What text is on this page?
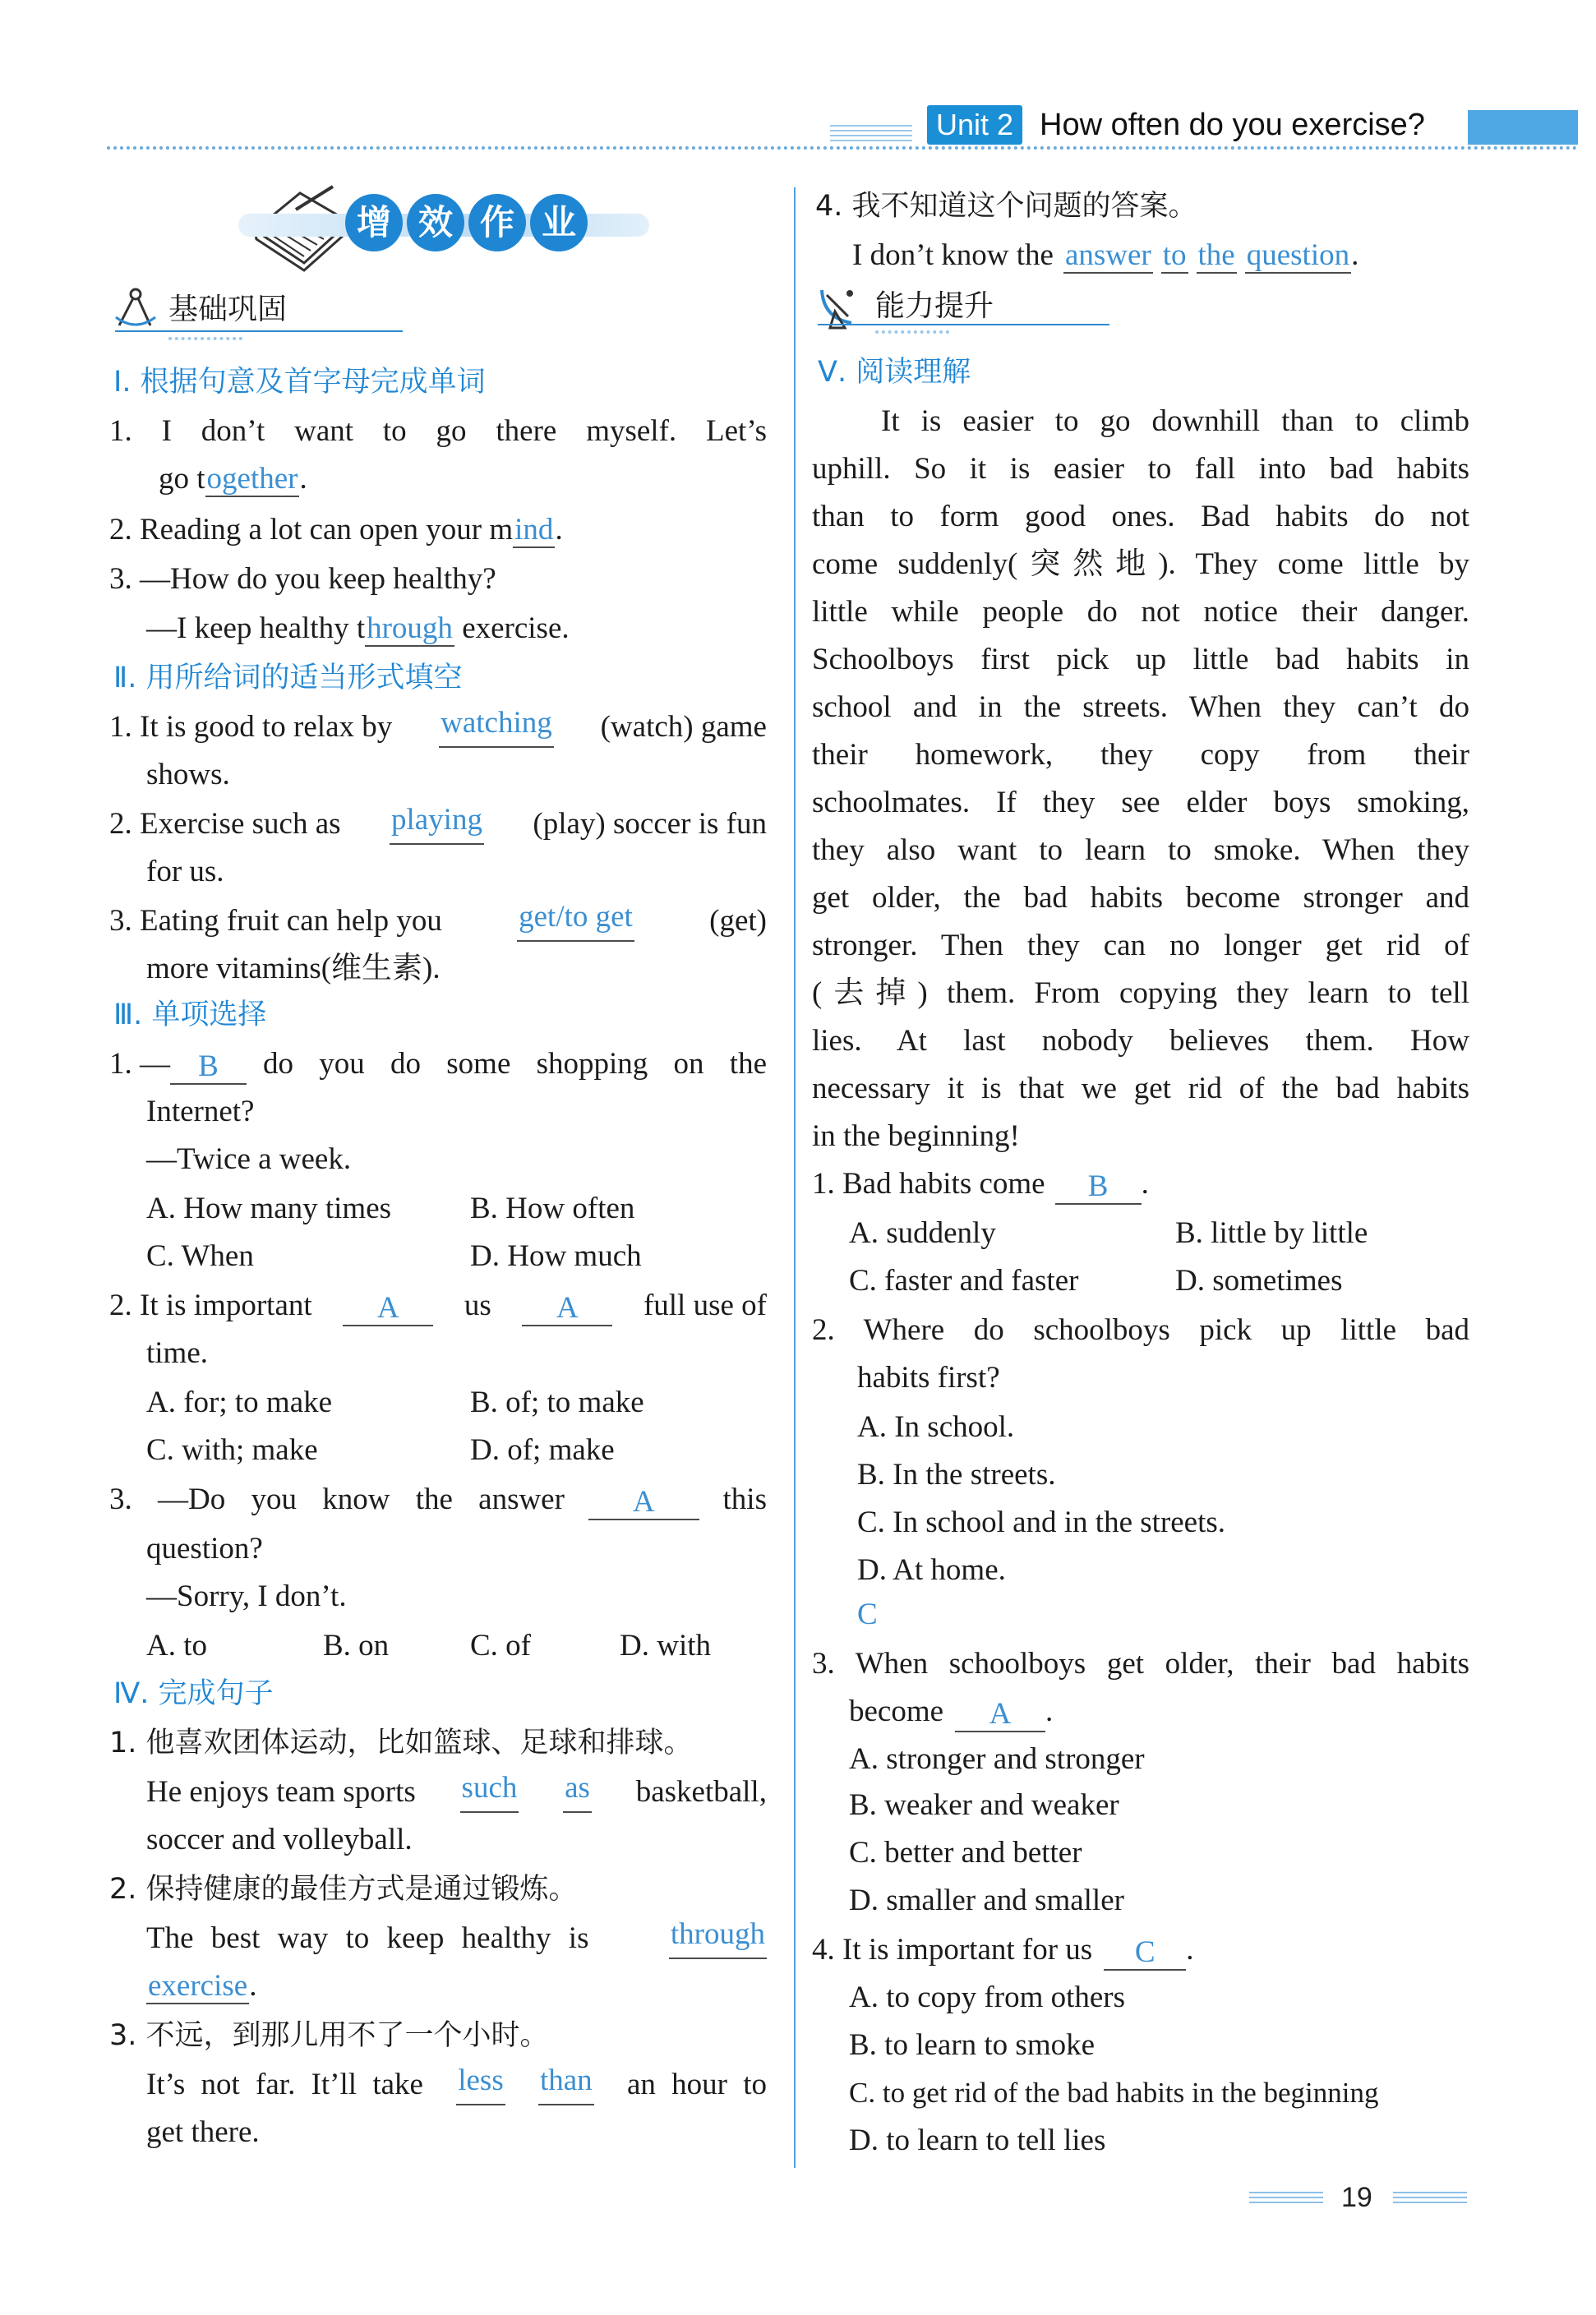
Unit 2 How often do you exercise?
增 效 作 业
基础巩固
Ⅰ. 根据句意及首字母完成单词
1. I don’t want to go there myself. Let’s
go together.
2. Reading a lot can open your mind.
3. —How do you keep healthy?
—I keep healthy through exercise.
Ⅱ. 用所给词的适当形式填空
1. It is good to relax by watching (watch) game
shows.
2. Exercise such as playing (play) soccer is fun
for us.
3. Eating fruit can help you	get/to get	(get)
more vitamins(维生素).
Ⅲ. 单项选择
1. — B	do you do some shopping on the
Internet?
—Twice a week.
A. How many times	B. How often
C. When	D. How much
2. It is important	A	us	A	full use of
time.
A. for; to make	B. of; to make
C. with; make	D. of; make
3. —Do you know the answer	A	this
question?
—Sorry, I don’t.
A. to	B. on	C. of	D. with
Ⅳ. 完成句子
1. 他喜欢团体运动，比如篮球、足球和排球。
He enjoys team sports such as basketball,
soccer and volleyball.
2. 保持健康的最佳方式是通过锻炼。
The best way to keep healthy is	through
exercise.
3. 不远，到那儿用不了一个小时。
It’s not far. It’ll take less than an hour to
get there.
4. 我不知道这个问题的答案。
I don’t know the answer to the question.
能力提升
Ⅴ. 阅读理解
It is easier to go downhill than to climb
uphill. So it is easier to fall into bad habits
than to form good ones. Bad habits do not
come suddenly(突然地). They come little by
little while people do not notice their danger.
Schoolboys first pick up little bad habits in
school and in the streets. When they can’t do
their homework, they copy from their
schoolmates. If they see elder boys smoking,
they also want to learn to smoke. When they
get older, the bad habits become stronger and
stronger. Then they can no longer get rid of
(去掉) them. From copying they learn to tell
lies. At last nobody believes them. How
necessary it is that we get rid of the bad habits
in the beginning!
1. Bad habits come	B	.
A. suddenly	B. little by little
C. faster and faster	D. sometimes
2. Where do schoolboys pick up little bad
habits first?
A. In school.
B. In the streets.
C. In school and in the streets.
D. At home.
C
3. When schoolboys get older, their bad habits
become	A	.
A. stronger and stronger
B. weaker and weaker
C. better and better
D. smaller and smaller
4. It is important for us	C	.
A. to copy from others
B. to learn to smoke
C. to get rid of the bad habits in the beginning
D. to learn to tell lies
19
